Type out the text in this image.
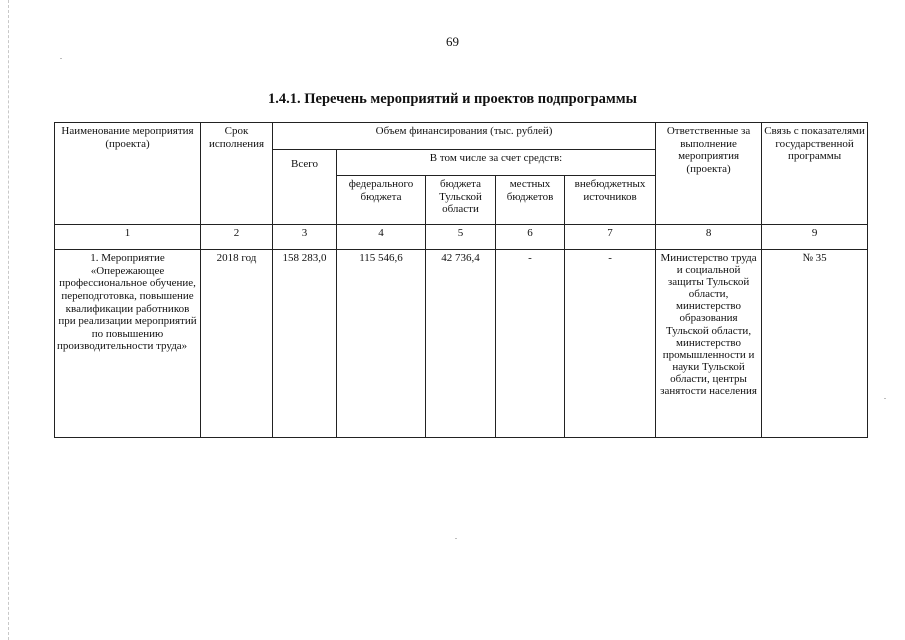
69
1.4.1. Перечень мероприятий и проектов подпрограммы
Наименование мероприятия (проекта)	Срок исполнения	Объем финансирования (тыс. рублей)					Ответственные за выполнение мероприятия (проекта)	Связь с показателями государственной программы
		Всего	В том числе за счет средств:					
			федерального бюджета	бюджета Тульской области	местных бюджетов	внебюджетных источников		
1	2	3	4	5	6	7	8	9
1. Мероприятие «Опережающее профессиональное обучение, переподготовка, повышение квалификации работников при реализации мероприятий по повышению производительности труда»	2018 год	158 283,0	115 546,6	42 736,4	-	-	Министерство труда и социальной защиты Тульской области, министерство образования Тульской области, министерство промышленности и науки Тульской области, центры занятости населения	№ 35
